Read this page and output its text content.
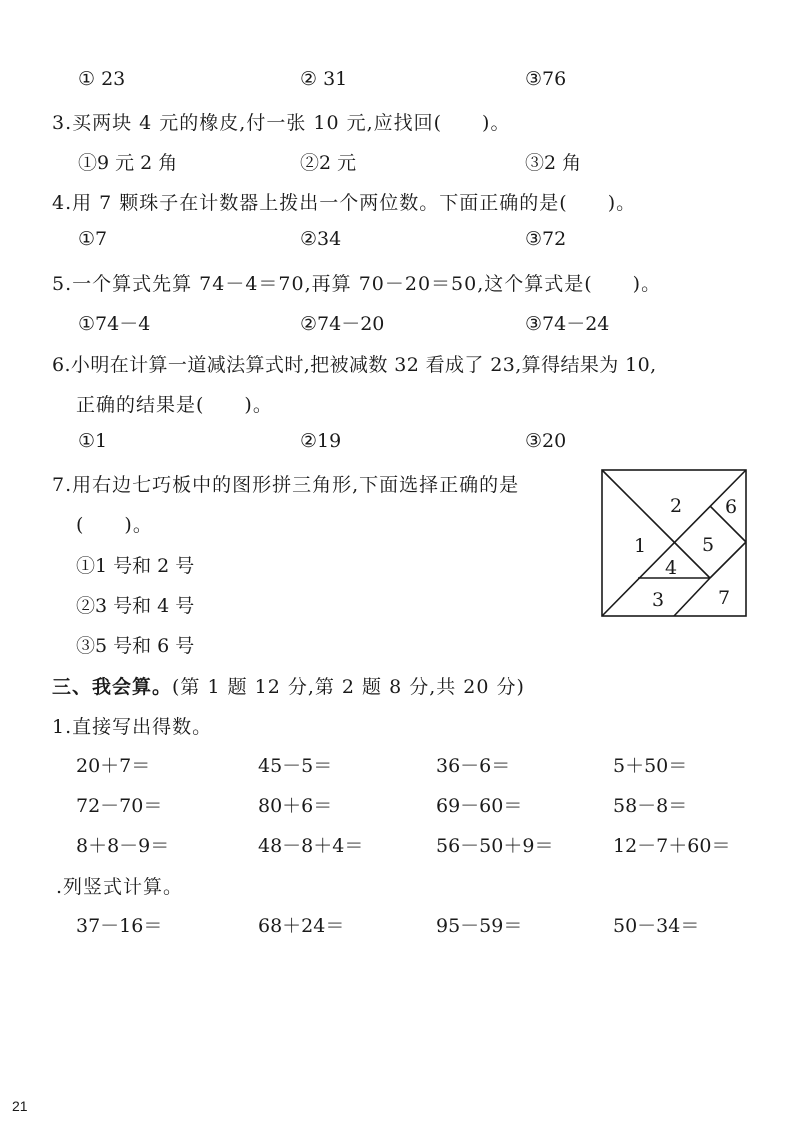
① 23	② 31	③76
3.买两块 4 元的橡皮,付一张 10 元,应找回(　　)。
①9 元 2 角	②2 元	③2 角
4.用 7 颗珠子在计数器上拨出一个两位数。下面正确的是(　　)。
①7	②34	③72
5.一个算式先算 74－4＝70,再算 70－20＝50,这个算式是(　　)。
①74－4	②74－20	③74－24
6.小明在计算一道减法算式时,把被减数 32 看成了 23,算得结果为 10,
正确的结果是(　　)。
①1	②19	③20
7.用右边七巧板中的图形拼三角形,下面选择正确的是
(　　)。
①1 号和 2 号
②3 号和 4 号
③5 号和 6 号
1
2
3
4
5
6
7
三、我会算。(第 1 题 12 分,第 2 题 8 分,共 20 分)
1.直接写出得数。
20＋7＝	45－5＝	36－6＝	5＋50＝
72－70＝	80＋6＝	69－60＝	58－8＝
8＋8－9＝	48－8＋4＝	56－50＋9＝	12－7＋60＝
.列竖式计算。
37－16＝	68＋24＝	95－59＝	50－34＝
21
